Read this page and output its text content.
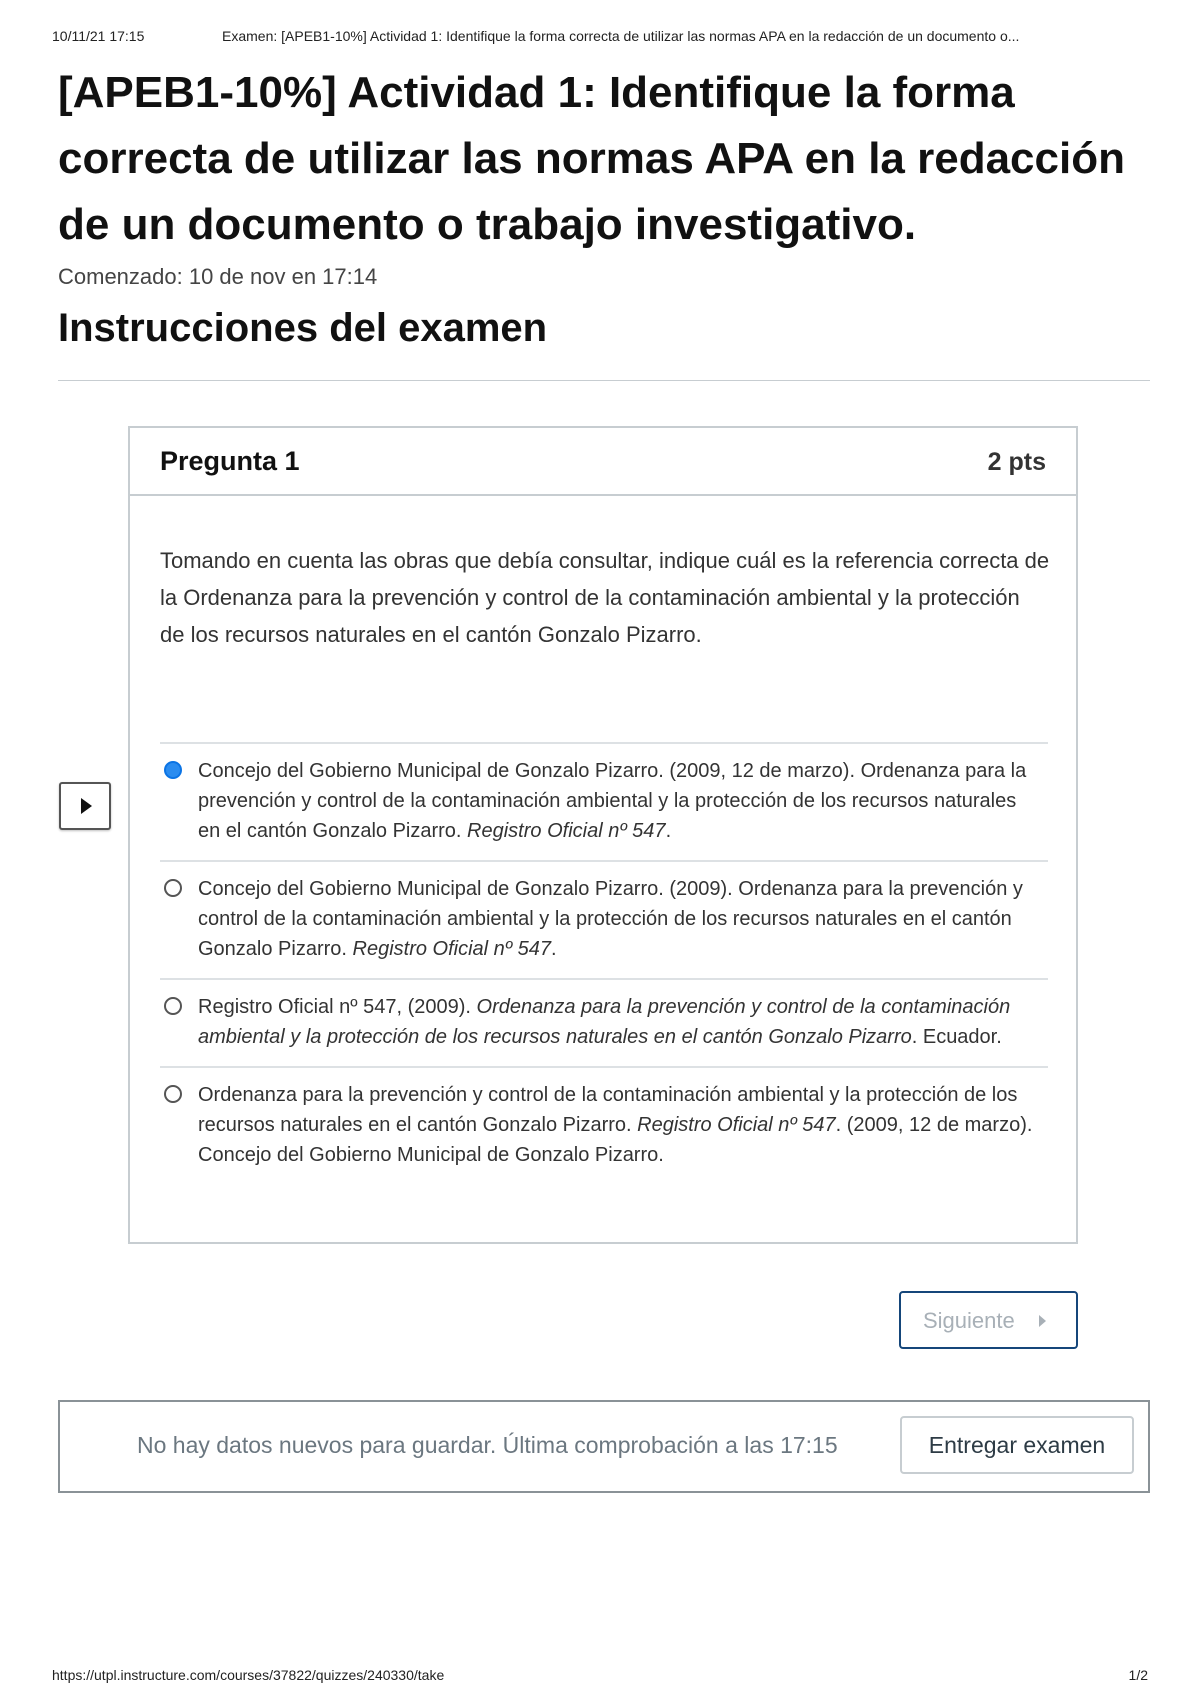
10/11/21 17:15	Examen: [APEB1-10%] Actividad 1: Identifique la forma correcta de utilizar las normas APA en la redacción de un documento o...
[APEB1-10%] Actividad 1: Identifique la forma correcta de utilizar las normas APA en la redacción de un documento o trabajo investigativo.
Comenzado: 10 de nov en 17:14
Instrucciones del examen
Pregunta 1	2 pts
Tomando en cuenta las obras que debía consultar, indique cuál es la referencia correcta de la Ordenanza para la prevención y control de la contaminación ambiental y la protección de los recursos naturales en el cantón Gonzalo Pizarro.
Concejo del Gobierno Municipal de Gonzalo Pizarro. (2009, 12 de marzo). Ordenanza para la prevención y control de la contaminación ambiental y la protección de los recursos naturales en el cantón Gonzalo Pizarro. Registro Oficial nº 547.
Concejo del Gobierno Municipal de Gonzalo Pizarro. (2009). Ordenanza para la prevención y control de la contaminación ambiental y la protección de los recursos naturales en el cantón Gonzalo Pizarro. Registro Oficial nº 547.
Registro Oficial nº 547, (2009). Ordenanza para la prevención y control de la contaminación ambiental y la protección de los recursos naturales en el cantón Gonzalo Pizarro. Ecuador.
Ordenanza para la prevención y control de la contaminación ambiental y la protección de los recursos naturales en el cantón Gonzalo Pizarro. Registro Oficial nº 547. (2009, 12 de marzo). Concejo del Gobierno Municipal de Gonzalo Pizarro.
Siguiente
No hay datos nuevos para guardar. Última comprobación a las 17:15	Entregar examen
https://utpl.instructure.com/courses/37822/quizzes/240330/take	1/2
